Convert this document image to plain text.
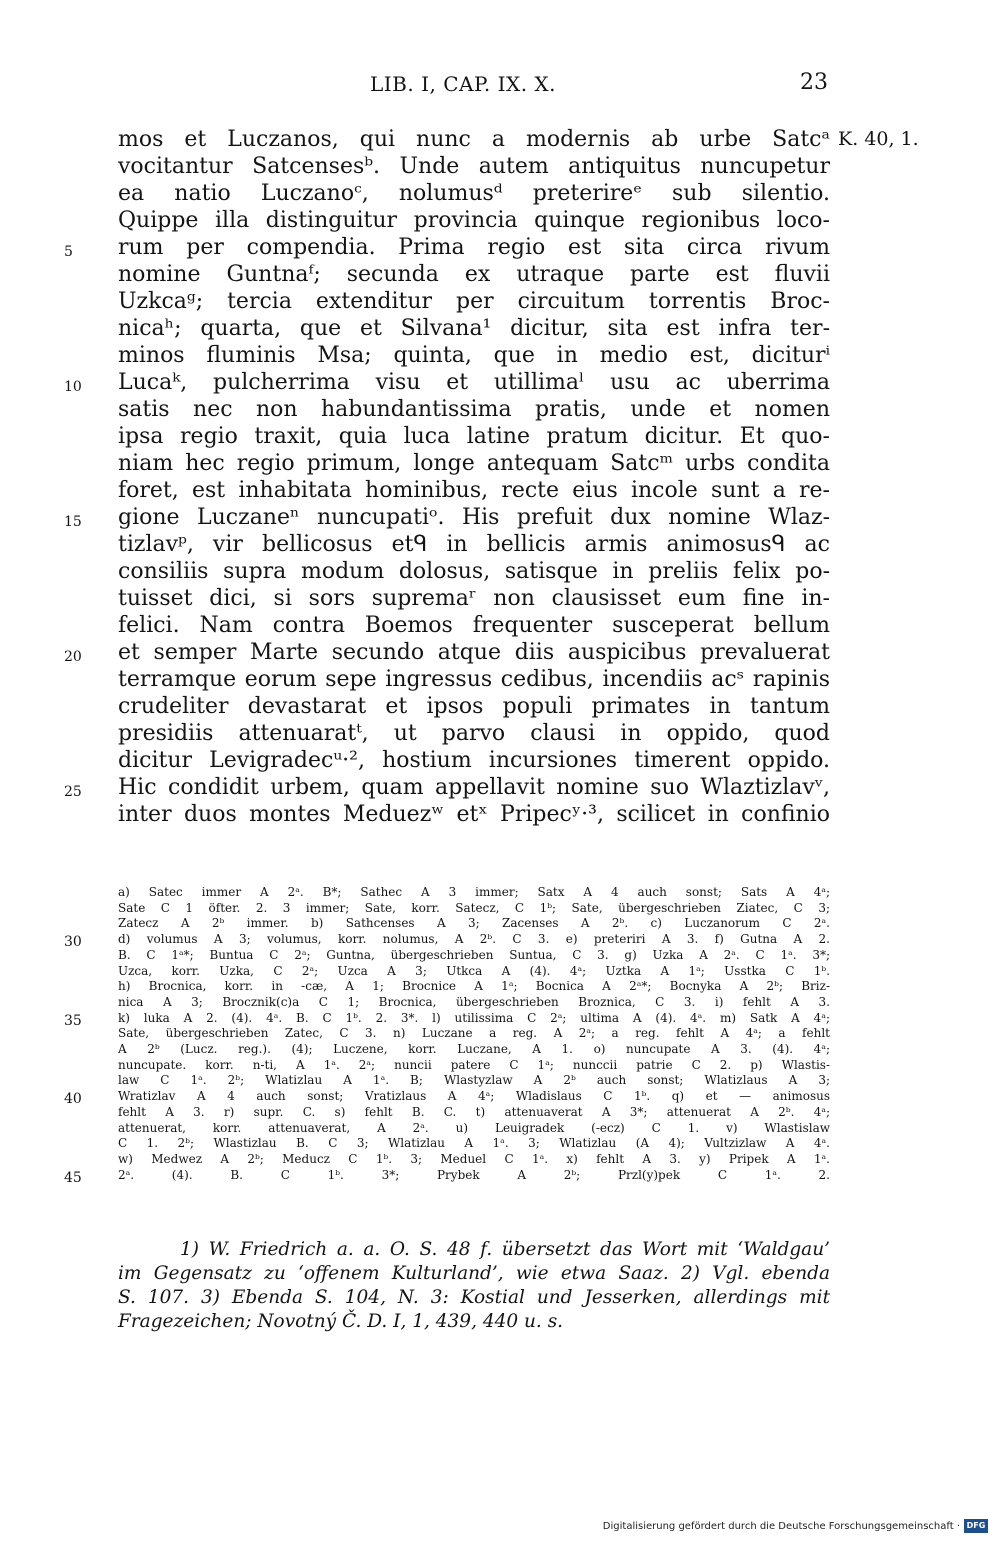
LIB. I, CAP. IX. X.	23
K. 40, 1.
mos et Luczanos, qui nunc a modernis ab urbe Satcᵃ
vocitantur Satcensesᵇ. Unde autem antiquitus nuncupetur
ea natio Luczanoᶜ, nolumusᵈ preterireᵉ sub silentio.
Quippe illa distinguitur provincia quinque regionibus loco-
rum per compendia. Prima regio est sita circa rivum
nomine Guntnaᶠ; secunda ex utraque parte est fluvii
Uzkcaᵍ; tercia extenditur per circuitum torrentis Broc-
nicaʰ; quarta, que et Silvana¹ dicitur, sita est infra ter-
minos fluminis Msa; quinta, que in medio est, diciturⁱ
Lucaᵏ, pulcherrima visu et utillimaˡ usu ac uberrima
satis nec non habundantissima pratis, unde et nomen
ipsa regio traxit, quia luca latine pratum dicitur. Et quo-
niam hec regio primum, longe antequam Satcᵐ urbs condita
foret, est inhabitata hominibus, recte eius incole sunt a re-
gione Luczaneⁿ nuncupatiᵒ. His prefuit dux nomine Wlaz-
tizlavᵖ, vir bellicosus etᑫ in bellicis armis animosusᑫ ac
consiliis supra modum dolosus, satisque in preliis felix po-
tuisset dici, si sors supremaʳ non clausisset eum fine in-
felici. Nam contra Boemos frequenter susceperat bellum
et semper Marte secundo atque diis auspicibus prevaluerat
terramque eorum sepe ingressus cedibus, incendiis acˢ rapinis
crudeliter devastarat et ipsos populi primates in tantum
presidiis attenuaratᵗ, ut parvo clausi in oppido, quod
dicitur Levigradecᵘ·², hostium incursiones timerent oppido.
Hic condidit urbem, quam appellavit nomine suo Wlaztizlavᵛ,
inter duos montes Meduezʷ etˣ Pripecʸ·³, scilicet in confinio
5
10
15
20
25
a) Satec immer A 2ᵃ. B*; Sathec A 3 immer; Satx A 4 auch sonst; Sats A 4ᵃ;
Sate C 1 öfter. 2. 3 immer; Sate, korr. Satecz, C 1ᵇ; Sate, übergeschrieben Ziatec, C 3;
Zatecz A 2ᵇ immer. b) Sathcenses A 3; Zacenses A 2ᵇ. c) Luczanorum C 2ᵃ.
d) volumus A 3; volumus, korr. nolumus, A 2ᵇ. C 3. e) preteriri A 3. f) Gutna A 2.
B. C 1ᵃ*; Buntua C 2ᵃ; Guntna, übergeschrieben Suntua, C 3. g) Uzka A 2ᵃ. C 1ᵃ. 3*;
Uzca, korr. Uzka, C 2ᵃ; Uzca A 3; Utkca A (4). 4ᵃ; Uztka A 1ᵃ; Usstka C 1ᵇ.
h) Brocnica, korr. in -cæ, A 1; Brocnice A 1ᵃ; Bocnica A 2ᵃ*; Bocnyka A 2ᵇ; Briz-
nica A 3; Brocznik(c)a C 1; Brocnica, übergeschrieben Broznica, C 3. i) fehlt A 3.
k) luka A 2. (4). 4ᵃ. B. C 1ᵇ. 2. 3*. l) utilissima C 2ᵃ; ultima A (4). 4ᵃ. m) Satk A 4ᵃ;
Sate, übergeschrieben Zatec, C 3. n) Luczane a reg. A 2ᵃ; a reg. fehlt A 4ᵃ; a fehlt
A 2ᵇ (Lucz. reg.). (4); Luczene, korr. Luczane, A 1. o) nuncupate A 3. (4). 4ᵃ;
nuncupate. korr. n-ti, A 1ᵃ. 2ᵃ; nuncii patere C 1ᵃ; nunccii patrie C 2. p) Wlastis-
law C 1ᵃ. 2ᵇ; Wlatizlau A 1ᵃ. B; Wlastyzlaw A 2ᵇ auch sonst; Wlatizlaus A 3;
Wratizlav A 4 auch sonst; Vratizlaus A 4ᵃ; Wladislaus C 1ᵇ. q) et — animosus
fehlt A 3. r) supr. C. s) fehlt B. C. t) attenuaverat A 3*; attenuerat A 2ᵇ. 4ᵃ;
attenuerat, korr. attenuaverat, A 2ᵃ. u) Leuigradek (-ecz) C 1. v) Wlastislaw
C 1. 2ᵇ; Wlastizlau B. C 3; Wlatizlau A 1ᵃ. 3; Wlatizlau (A 4); Vultzizlaw A 4ᵃ.
w) Medwez A 2ᵇ; Meducz C 1ᵇ. 3; Meduel C 1ᵃ. x) fehlt A 3. y) Pripek A 1ᵃ.
2ᵃ. (4). B. C 1ᵇ. 3*; Prybek A 2ᵇ; Przl(y)pek C 1ᵃ. 2.
30
35
40
45
1) W. Friedrich a. a. O. S. 48 f. übersetzt das Wort mit ‘Waldgau’
im Gegensatz zu ‘offenem Kulturland’, wie etwa Saaz. 2) Vgl. ebenda
S. 107. 3) Ebenda S. 104, N. 3: Kostial und Jesserken, allerdings mit
Fragezeichen; Novotný Č. D. I, 1, 439, 440 u. s.
Digitalisierung gefördert durch die Deutsche Forschungsgemeinschaft · DFG
